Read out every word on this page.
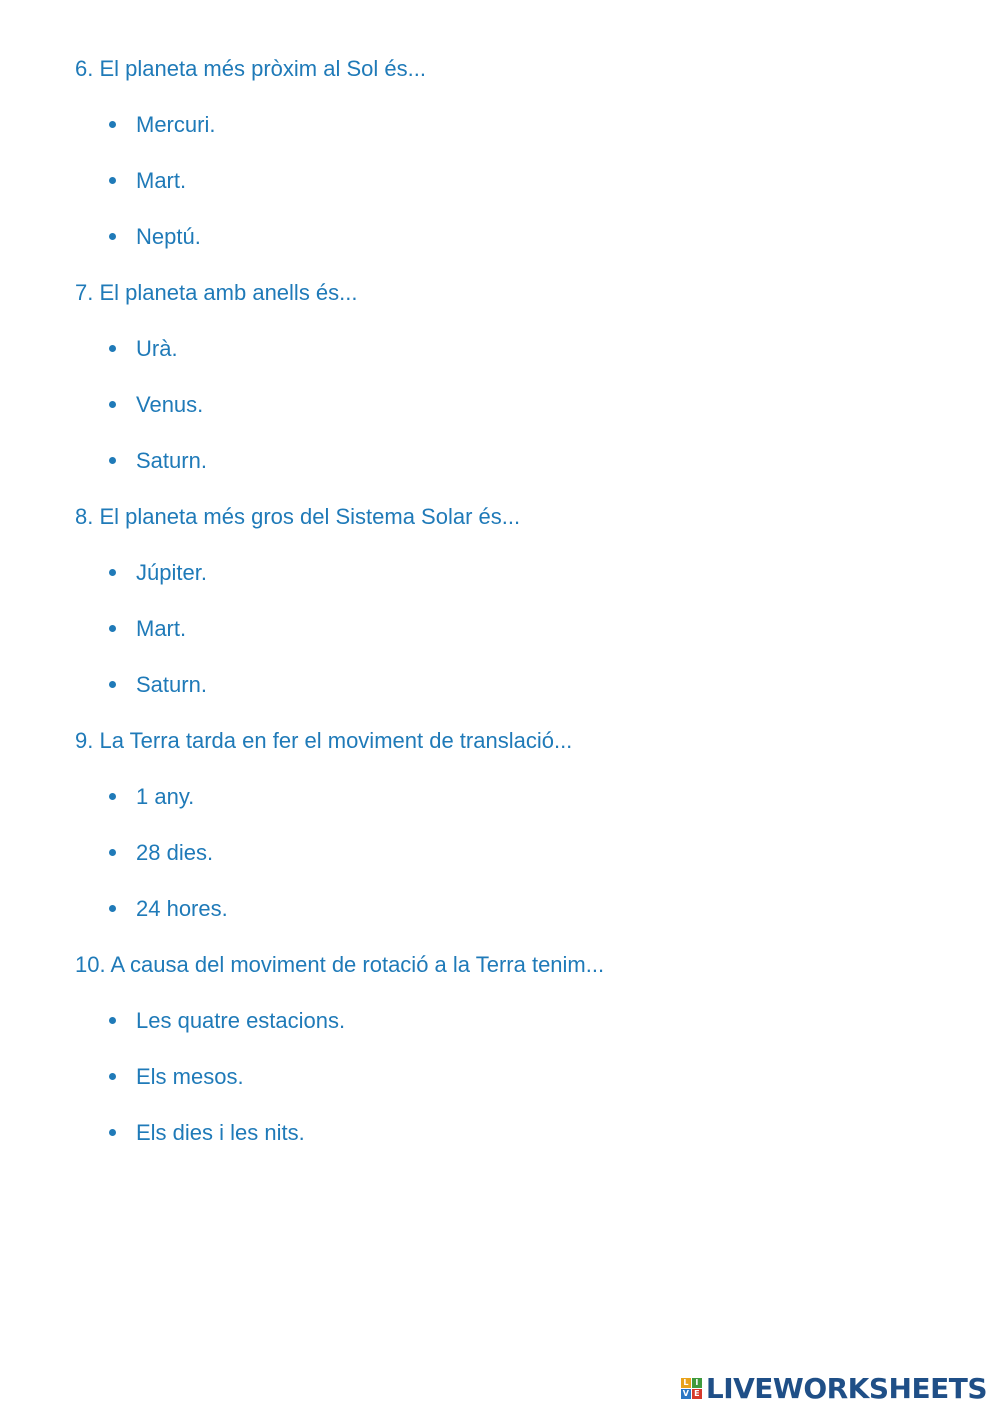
6. El planeta més pròxim al Sol és...

Mercuri.
Mart.
Neptú.

7. El planeta amb anells és...

Urà.
Venus.
Saturn.

8. El planeta més gros del Sistema Solar és...

Júpiter.
Mart.
Saturn.

9. La Terra tarda en fer el moviment de translació...

1 any.
28 dies.
24 hores.

10. A causa del moviment de rotació a la Terra tenim...

Les quatre estacions.
Els mesos.
Els dies i les nits.
L I
V E LIVEWORKSHEETS
